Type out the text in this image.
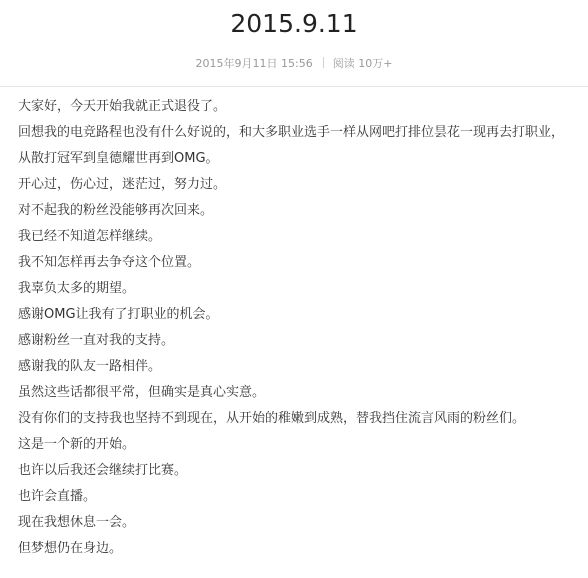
2015.9.11
2015年9月11日 15:56 阅读 10万+

大家好，今天开始我就正式退役了。

回想我的电竞路程也没有什么好说的，和大多职业选手一样从网吧打排位昙花一现再去打职业，从散打冠军到皇德耀世再到OMG。

开心过，伤心过，迷茫过，努力过。

对不起我的粉丝没能够再次回来。

我已经不知道怎样继续。

我不知怎样再去争夺这个位置。

我辜负太多的期望。

感谢OMG让我有了打职业的机会。

感谢粉丝一直对我的支持。

感谢我的队友一路相伴。

虽然这些话都很平常，但确实是真心实意。

没有你们的支持我也坚持不到现在，从开始的稚嫩到成熟，替我挡住流言风雨的粉丝们。

这是一个新的开始。

也许以后我还会继续打比赛。

也许会直播。

现在我想休息一会。

但梦想仍在身边。
